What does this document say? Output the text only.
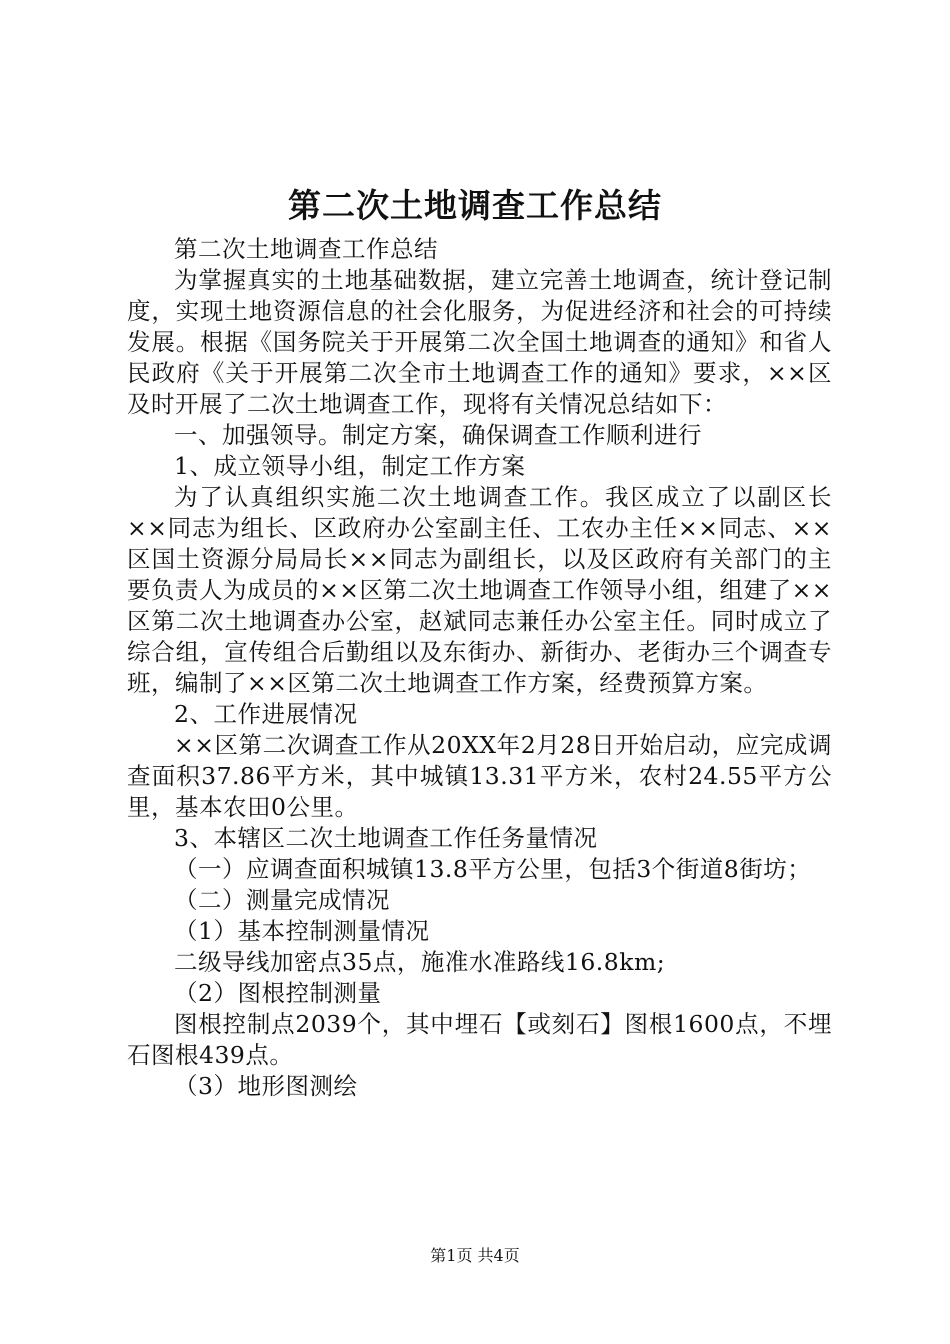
第二次土地调查工作总结

第二次土地调查工作总结

为掌握真实的土地基础数据，建立完善土地调查，统计登记制度，实现土地资源信息的社会化服务，为促进经济和社会的可持续发展。根据《国务院关于开展第二次全国土地调查的通知》和省人民政府《关于开展第二次全市土地调查工作的通知》要求，××区及时开展了二次土地调查工作，现将有关情况总结如下：

一、加强领导。制定方案，确保调查工作顺利进行

1、成立领导小组，制定工作方案

为了认真组织实施二次土地调查工作。我区成立了以副区长××同志为组长、区政府办公室副主任、工农办主任××同志、××区国土资源分局局长××同志为副组长，以及区政府有关部门的主要负责人为成员的××区第二次土地调查工作领导小组，组建了××区第二次土地调查办公室，赵斌同志兼任办公室主任。同时成立了综合组，宣传组合后勤组以及东街办、新街办、老街办三个调查专班，编制了××区第二次土地调查工作方案，经费预算方案。

2、工作进展情况

××区第二次调查工作从20XX年2月28日开始启动，应完成调查面积37.86平方米，其中城镇13.31平方米，农村24.55平方公里，基本农田0公里。

3、本辖区二次土地调查工作任务量情况

（一）应调查面积城镇13.8平方公里，包括3个街道8街坊；

（二）测量完成情况

（1）基本控制测量情况

二级导线加密点35点，施准水准路线16.8km;

（2）图根控制测量

图根控制点2039个，其中埋石【或刻石】图根1600点，不埋石图根439点。

（3）地形图测绘

第1页 共4页
